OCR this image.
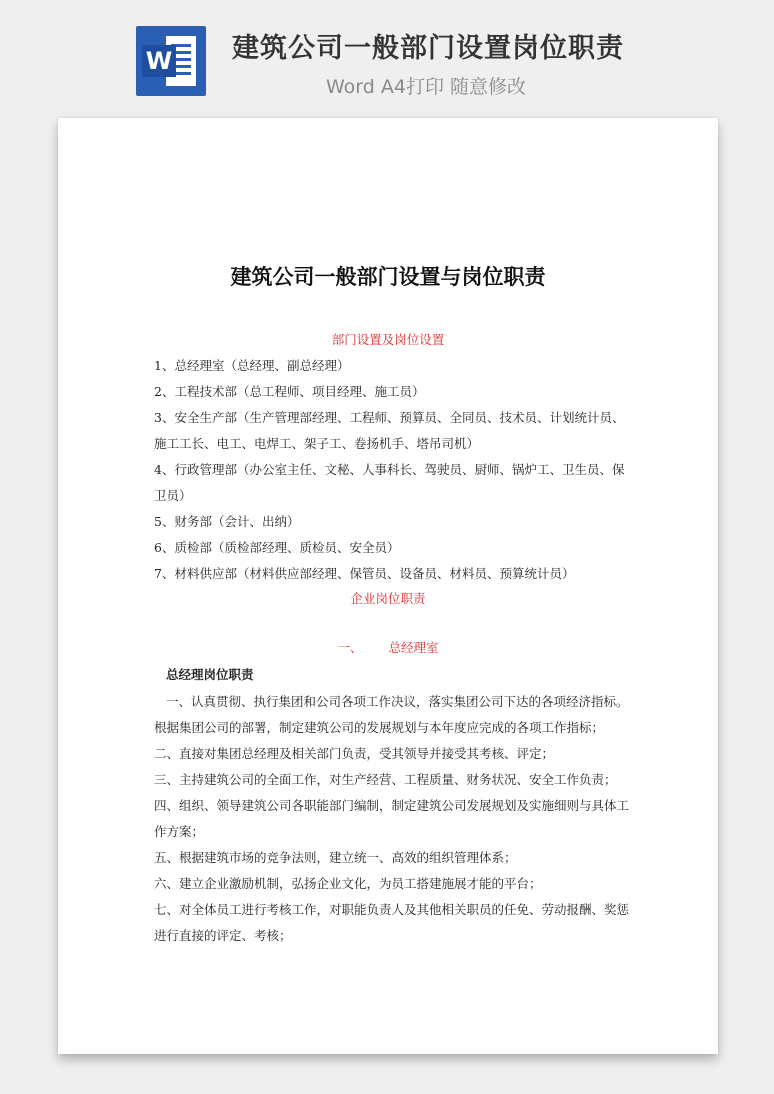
W 建筑公司一般部门设置岗位职责
Word A4打印 随意修改
建筑公司一般部门设置与岗位职责
部门设置及岗位设置
1、总经理室（总经理、副总经理）
2、工程技术部（总工程师、项目经理、施工员）
3、安全生产部（生产管理部经理、工程师、预算员、全同员、技术员、计划统计员、
施工工长、电工、电焊工、架子工、卷扬机手、塔吊司机）
4、行政管理部（办公室主任、文秘、人事科长、驾驶员、厨师、锅炉工、卫生员、保
卫员）
5、财务部（会计、出纳）
6、质检部（质检部经理、质检员、安全员）
7、材料供应部（材料供应部经理、保管员、设备员、材料员、预算统计员）
企业岗位职责
一、 总经理室
总经理岗位职责
一、认真贯彻、执行集团和公司各项工作决议，落实集团公司下达的各项经济指标。
根据集团公司的部署，制定建筑公司的发展规划与本年度应完成的各项工作指标；
二、直接对集团总经理及相关部门负责，受其领导并接受其考核、评定；
三、主持建筑公司的全面工作，对生产经营、工程质量、财务状况、安全工作负责；
四、组织、领导建筑公司各职能部门编制，制定建筑公司发展规划及实施细则与具体工
作方案；
五、根据建筑市场的竞争法则，建立统一、高效的组织管理体系；
六、建立企业激励机制，弘扬企业文化，为员工搭建施展才能的平台；
七、对全体员工进行考核工作，对职能负责人及其他相关职员的任免、劳动报酬、奖惩
进行直接的评定、考核；
